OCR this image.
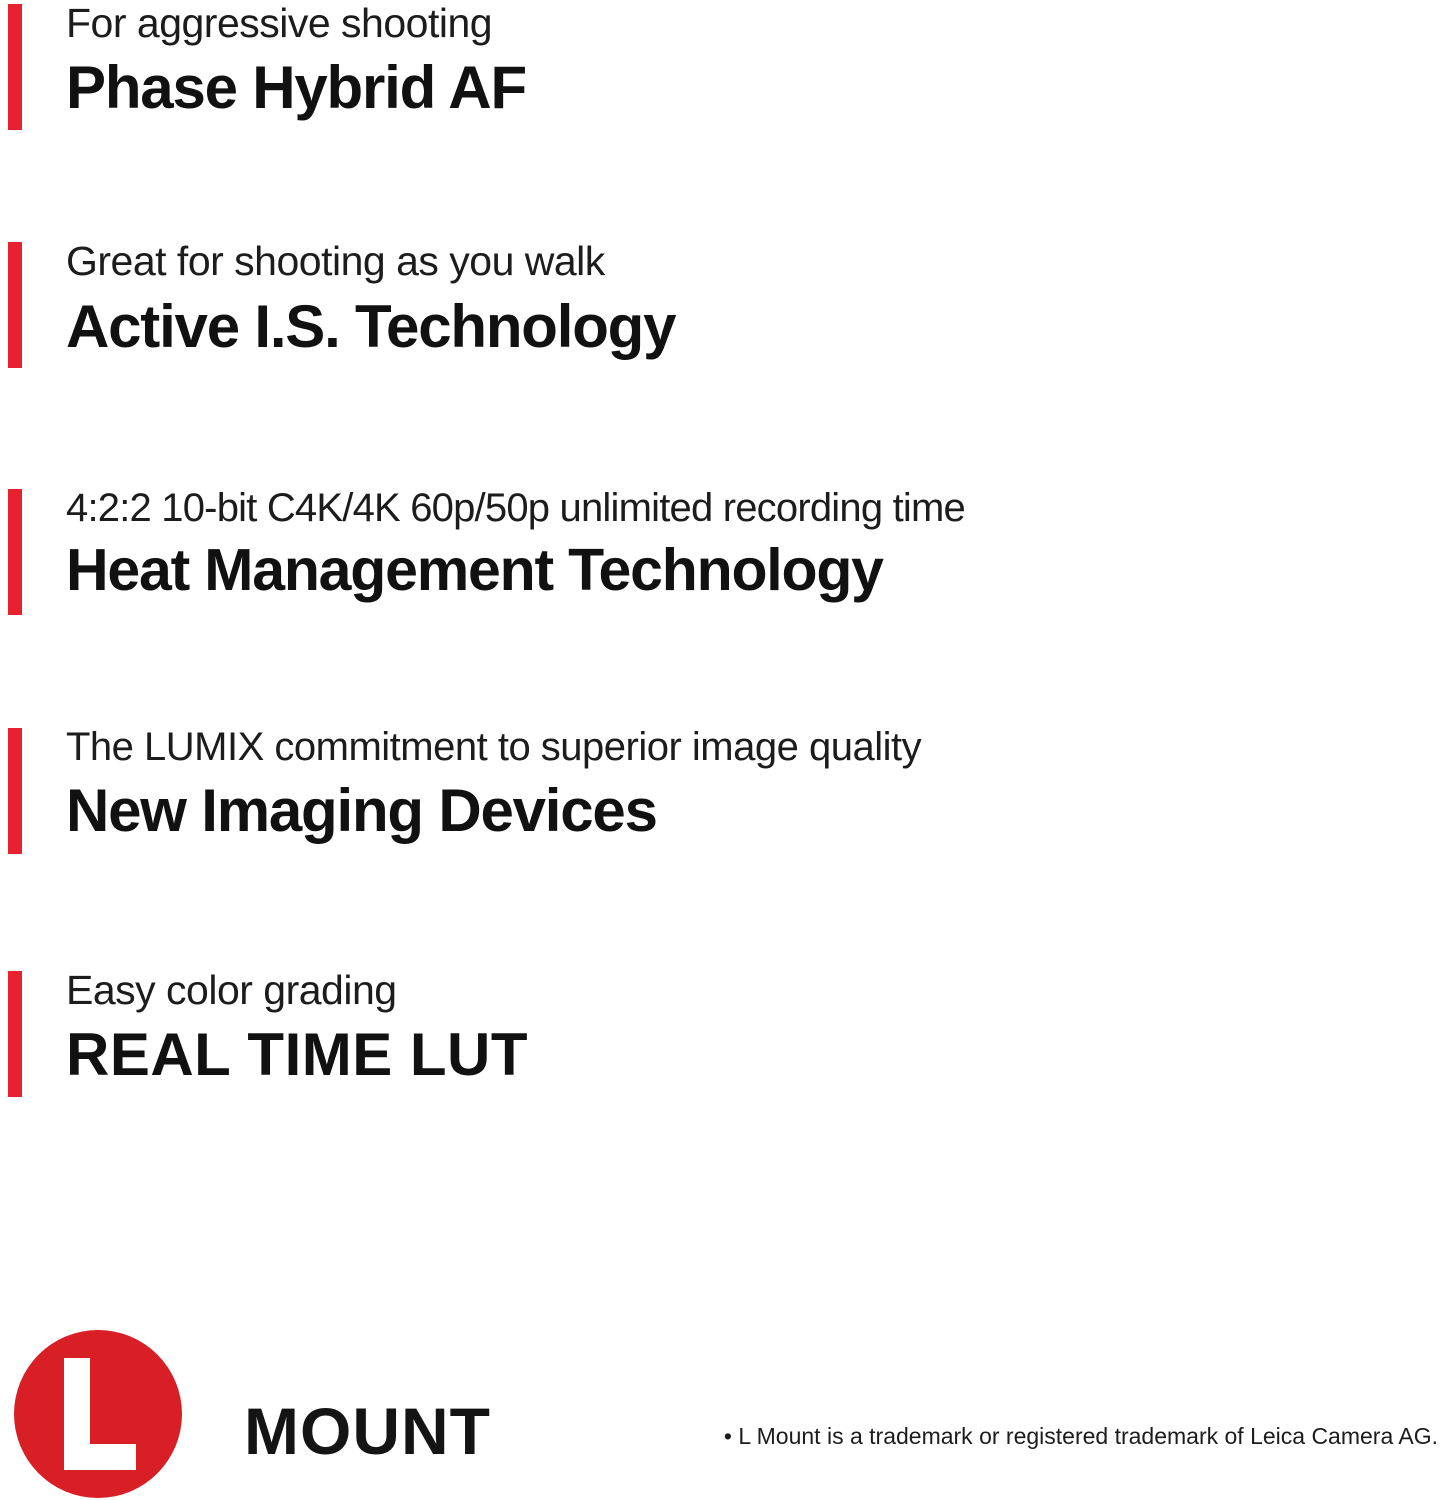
For aggressive shooting
Phase Hybrid AF
Great for shooting as you walk
Active I.S. Technology
4:2:2 10-bit C4K/4K 60p/50p unlimited recording time
Heat Management Technology
The LUMIX commitment to superior image quality
New Imaging Devices
Easy color grading
REAL TIME LUT
MOUNT	• L Mount is a trademark or registered trademark of Leica Camera AG.
